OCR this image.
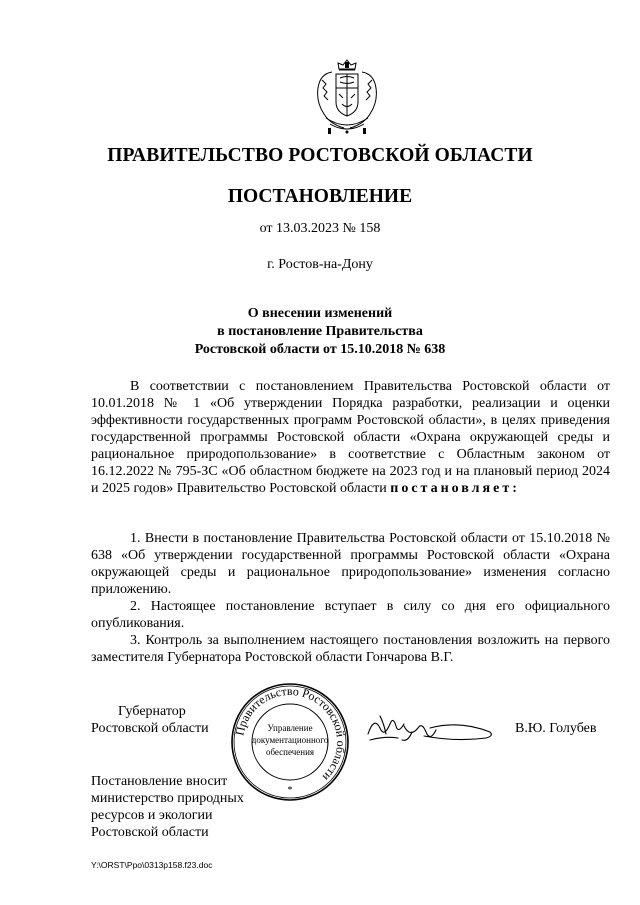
ПРАВИТЕЛЬСТВО РОСТОВСКОЙ ОБЛАСТИ
ПОСТАНОВЛЕНИЕ
от 13.03.2023 № 158
г. Ростов-на-Дону
О внесении изменений
в постановление Правительства
Ростовской области от 15.10.2018 № 638

В соответствии с постановлением Правительства Ростовской области от 10.01.2018 № 1 «Об утверждении Порядка разработки, реализации и оценки эффективности государственных программ Ростовской области», в целях приведения государственной программы Ростовской области «Охрана окружающей среды и рациональное природопользование» в соответствие с Областным законом от 16.12.2022 № 795-ЗС «Об областном бюджете на 2023 год и на плановый период 2024 и 2025 годов» Правительство Ростовской области постановляет:

1. Внести в постановление Правительства Ростовской области от 15.10.2018 № 638 «Об утверждении государственной программы Ростовской области «Охрана окружающей среды и рациональное природопользование» изменения согласно приложению.

2. Настоящее постановление вступает в силу со дня его официального опубликования.

3. Контроль за выполнением настоящего постановления возложить на первого заместителя Губернатора Ростовской области Гончарова В.Г.

Губернатор
Ростовской области Правительство Ростовской области
Управление
документационного
обеспечения
*
В.Ю. Голубев
Постановление вносит
министерство природных
ресурсов и экологии
Ростовской области
Y:\ORST\Ppo\0313p158.f23.doc
